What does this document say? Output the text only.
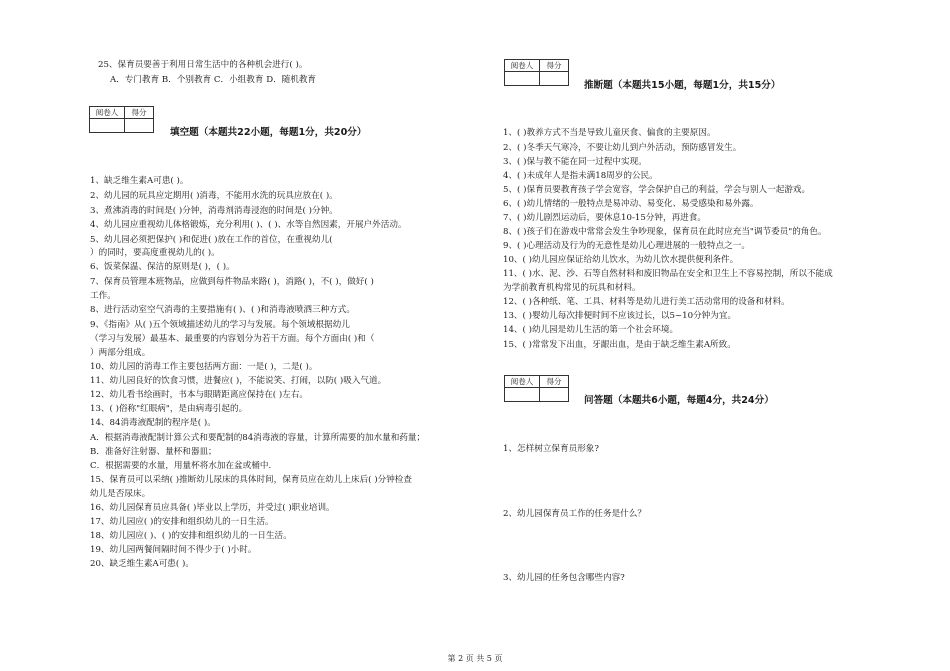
25、保育员要善于利用日常生活中的各种机会进行( )。
A．专门教育 B．个别教育 C．小组教育 D．随机教育
阅卷人	得分

填空题（本题共22小题，每题1分，共20分）
1、缺乏维生素A可患( )。
2、幼儿园的玩具应定期用( )消毒，不能用水洗的玩具应放在( )。
3、煮沸消毒的时间是( )分钟，消毒剂消毒浸泡的时间是( )分钟。
4、幼儿园应重视幼儿体格锻炼，充分利用( )、( )、水等自然因素，开展户外活动。
5、幼儿园必须把保护( )和促进( )放在工作的首位，在重视幼儿(
）的同时，要高度重视幼儿的( )。
6、饭菜保温、保洁的原则是( )，( )。
7、保育员管理本班物品，应做到每件物品来路( )，消路( )，不( )，做好( )
工作。
8、进行活动室空气消毒的主要措施有( )、( )和消毒液喷洒三种方式。
9、《指南》从( )五个领域描述幼儿的学习与发展。每个领域根据幼儿
（学习与发展）最基本、最重要的内容划分为若干方面。每个方面由( )和（
）两部分组成。
10、幼儿园的消毒工作主要包括两方面：一是( )，二是( )。
11、幼儿园良好的饮食习惯，进餐应( )，不能说笑、打闹，以防( )吸入气道。
12、幼儿看书绘画时，书本与眼睛距离应保持在( )左右。
13、( )俗称"红眼病"，是由病毒引起的。
14、84消毒液配制的程序是( )。
A．根据消毒液配制计算公式和要配制的84消毒液的容量，计算所需要的加水量和药量；
B．准备好注射器、量杯和器皿；
C．根据需要的水量，用量杯将水加在盆或桶中.
15、保育员可以采纳( )推断幼儿尿床的具体时间，保育员应在幼儿上床后( )分钟检查
幼儿是否尿床。
16、幼儿园保育员应具备( )毕业以上学历，并受过( )职业培训。
17、幼儿园应( )的安排和组织幼儿的一日生活。
18、幼儿园应( )、( )的安排和组织幼儿的一日生活。
19、幼儿园两餐间隔时间不得少于( )小时。
20、缺乏维生素A可患( )。
阅卷人	得分

推断题（本题共15小题，每题1分，共15分）
1、( )教养方式不当是导致儿童厌食、偏食的主要原因。
2、( )冬季天气寒冷，不要让幼儿到户外活动，预防感冒发生。
3、( )保与教不能在同一过程中实现。
4、( )未成年人是指未满18周岁的公民。
5、( )保育员要教育孩子学会宽容，学会保护自己的利益，学会与别人一起游戏。
6、( )幼儿情绪的一般特点是易冲动、易变化、易受感染和易外露。
7、( )幼儿剧烈运动后，要休息10-15分钟，再进食。
8、( )孩子们在游戏中常常会发生争吵现象，保育员在此时应充当"调节委员"的角色。
9、( )心理活动及行为的无意性是幼儿心理进展的一般特点之一。
10、( )幼儿园应保证给幼儿饮水，为幼儿饮水提供便利条件。
11、( )水、泥、沙、石等自然材料和废旧物品在安全和卫生上不容易控制，所以不能成
为学前教育机构常见的玩具和材料。
12、( )各种纸、笔、工具、材料等是幼儿进行美工活动常用的设备和材料。
13、( )婴幼儿每次排便时间不应该过长，以5~10分钟为宜。
14、( )幼儿园是幼儿生活的第一个社会环境。
15、( )常常发下出血，牙龈出血，是由于缺乏维生素A所致。
阅卷人	得分

问答题（本题共6小题，每题4分，共24分）
1、怎样树立保育员形象?
2、幼儿园保育员工作的任务是什么？
3、幼儿园的任务包含哪些内容?
第 2 页 共 5 页
